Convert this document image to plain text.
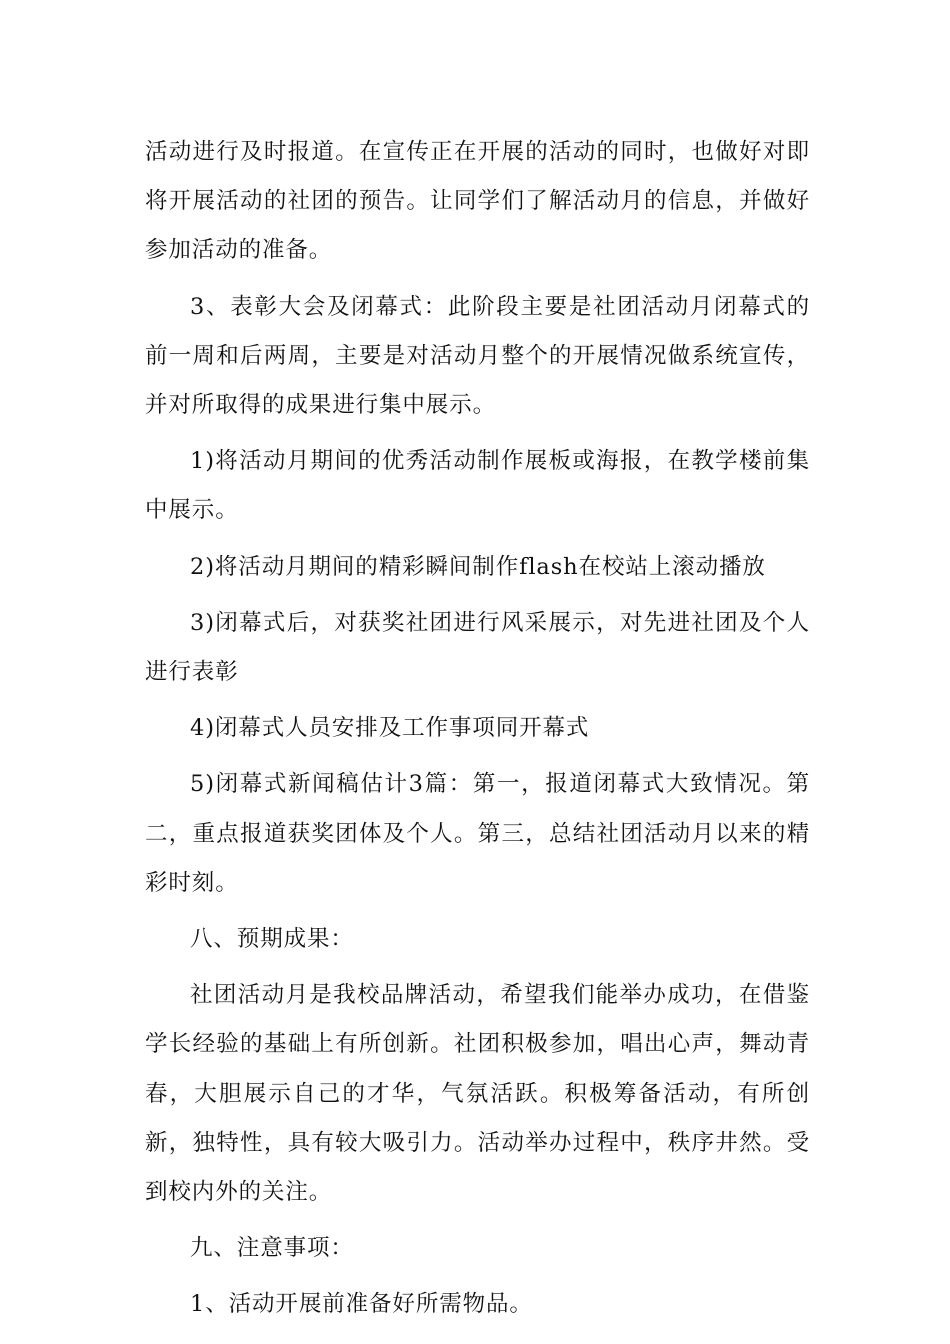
活动进行及时报道。在宣传正在开展的活动的同时，也做好对即将开展活动的社团的预告。让同学们了解活动月的信息，并做好参加活动的准备。

3、表彰大会及闭幕式：此阶段主要是社团活动月闭幕式的前一周和后两周，主要是对活动月整个的开展情况做系统宣传，并对所取得的成果进行集中展示。

1)将活动月期间的优秀活动制作展板或海报，在教学楼前集中展示。

2)将活动月期间的精彩瞬间制作flash在校站上滚动播放

3)闭幕式后，对获奖社团进行风采展示，对先进社团及个人进行表彰

4)闭幕式人员安排及工作事项同开幕式

5)闭幕式新闻稿估计3篇：第一，报道闭幕式大致情况。第二，重点报道获奖团体及个人。第三，总结社团活动月以来的精彩时刻。

八、预期成果：

社团活动月是我校品牌活动，希望我们能举办成功，在借鉴学长经验的基础上有所创新。社团积极参加，唱出心声，舞动青春，大胆展示自己的才华，气氛活跃。积极筹备活动，有所创新，独特性，具有较大吸引力。活动举办过程中，秩序井然。受到校内外的关注。

九、注意事项：

1、活动开展前准备好所需物品。
